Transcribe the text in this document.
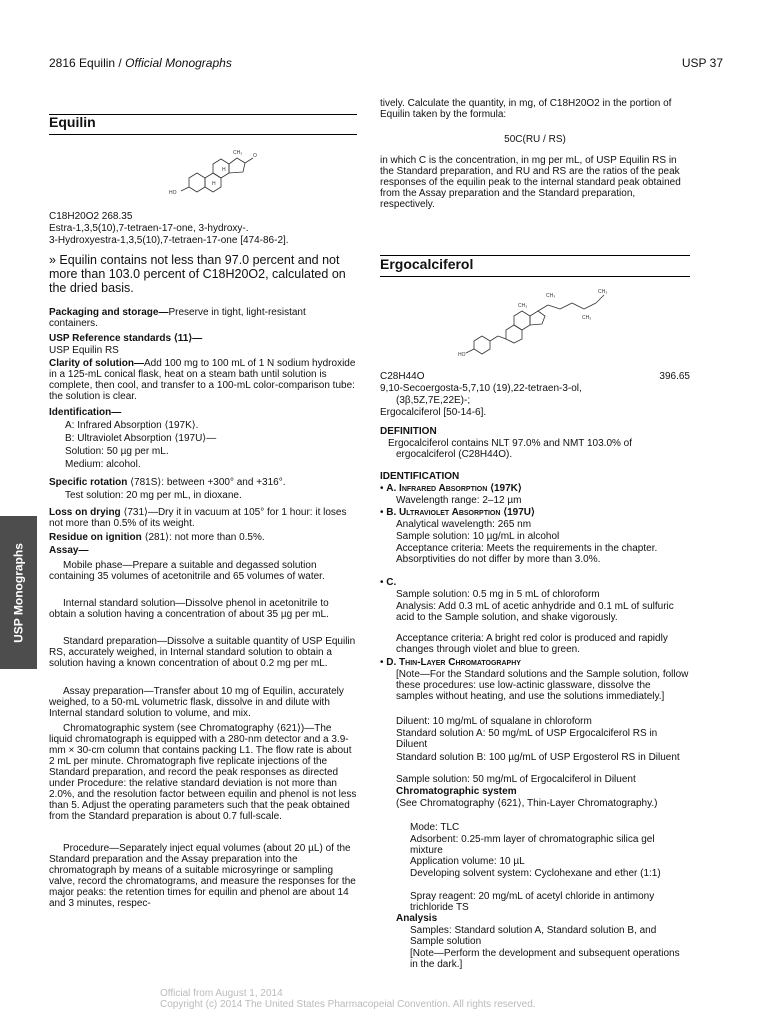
2816 Equilin / Official Monographs	USP 37
USP Monographs
Equilin
HO
O
CH₃
H
H
C18H20O2 268.35
Estra-1,3,5(10),7-tetraen-17-one, 3-hydroxy-.
3-Hydroxyestra-1,3,5(10),7-tetraen-17-one [474-86-2].
» Equilin contains not less than 97.0 percent and not more than 103.0 percent of C18H20O2, calculated on the dried basis.
Packaging and storage—Preserve in tight, light-resistant containers.
USP Reference standards ⟨11⟩—
USP Equilin RS
Clarity of solution—Add 100 mg to 100 mL of 1 N sodium hydroxide in a 125-mL conical flask, heat on a steam bath until solution is complete, then cool, and transfer to a 100-mL color-comparison tube: the solution is clear.
Identification—
A: Infrared Absorption ⟨197K⟩.
B: Ultraviolet Absorption ⟨197U⟩—
Solution: 50 µg per mL.
Medium: alcohol.
Specific rotation ⟨781S⟩: between +300° and +316°.
Test solution: 20 mg per mL, in dioxane.
Loss on drying ⟨731⟩—Dry it in vacuum at 105° for 1 hour: it loses not more than 0.5% of its weight.
Residue on ignition ⟨281⟩: not more than 0.5%.
Assay—
Mobile phase—Prepare a suitable and degassed solution containing 35 volumes of acetonitrile and 65 volumes of water.
Internal standard solution—Dissolve phenol in acetonitrile to obtain a solution having a concentration of about 35 µg per mL.
Standard preparation—Dissolve a suitable quantity of USP Equilin RS, accurately weighed, in Internal standard solution to obtain a solution having a known concentration of about 0.2 mg per mL.
Assay preparation—Transfer about 10 mg of Equilin, accurately weighed, to a 50-mL volumetric flask, dissolve in and dilute with Internal standard solution to volume, and mix.
Chromatographic system (see Chromatography ⟨621⟩)—The liquid chromatograph is equipped with a 280-nm detector and a 3.9-mm × 30-cm column that contains packing L1. The flow rate is about 2 mL per minute. Chromatograph five replicate injections of the Standard preparation, and record the peak responses as directed under Procedure: the relative standard deviation is not more than 2.0%, and the resolution factor between equilin and phenol is not less than 5. Adjust the operating parameters such that the peak obtained from the Standard preparation is about 0.7 full-scale.
Procedure—Separately inject equal volumes (about 20 µL) of the Standard preparation and the Assay preparation into the chromatograph by means of a suitable microsyringe or sampling valve, record the chromatograms, and measure the responses for the major peaks: the retention times for equilin and phenol are about 14 and 3 minutes, respec-
tively. Calculate the quantity, in mg, of C18H20O2 in the portion of Equilin taken by the formula:
50C(RU / RS)
in which C is the concentration, in mg per mL, of USP Equilin RS in the Standard preparation, and RU and RS are the ratios of the peak responses of the equilin peak to the internal standard peak obtained from the Assay preparation and the Standard preparation, respectively.
Ergocalciferol
HO
CH₃
CH₃
CH₃
CH₃
C28H44O	396.65
9,10-Secoergosta-5,7,10 (19),22-tetraen-3-ol,
(3β,5Z,7E,22E)-;
Ergocalciferol [50-14-6].
DEFINITION
Ergocalciferol contains NLT 97.0% and NMT 103.0% of ergocalciferol (C28H44O).
IDENTIFICATION
• A. Infrared Absorption ⟨197K⟩
Wavelength range: 2–12 µm
• B. Ultraviolet Absorption ⟨197U⟩
Analytical wavelength: 265 nm
Sample solution: 10 µg/mL in alcohol
Acceptance criteria: Meets the requirements in the chapter. Absorptivities do not differ by more than 3.0%.
• C.
Sample solution: 0.5 mg in 5 mL of chloroform
Analysis: Add 0.3 mL of acetic anhydride and 0.1 mL of sulfuric acid to the Sample solution, and shake vigorously.
Acceptance criteria: A bright red color is produced and rapidly changes through violet and blue to green.
• D. Thin-Layer Chromatography
[Note—For the Standard solutions and the Sample solution, follow these procedures: use low-actinic glassware, dissolve the samples without heating, and use the solutions immediately.]
Diluent: 10 mg/mL of squalane in chloroform
Standard solution A: 50 mg/mL of USP Ergocalciferol RS in Diluent
Standard solution B: 100 µg/mL of USP Ergosterol RS in Diluent
Sample solution: 50 mg/mL of Ergocalciferol in Diluent
Chromatographic system
(See Chromatography ⟨621⟩, Thin-Layer Chromatography.)
Mode: TLC
Adsorbent: 0.25-mm layer of chromatographic silica gel mixture
Application volume: 10 µL
Developing solvent system: Cyclohexane and ether (1:1)
Spray reagent: 20 mg/mL of acetyl chloride in antimony trichloride TS
Analysis
Samples: Standard solution A, Standard solution B, and Sample solution
[Note—Perform the development and subsequent operations in the dark.]
Official from August 1, 2014
Copyright (c) 2014 The United States Pharmacopeial Convention. All rights reserved.
